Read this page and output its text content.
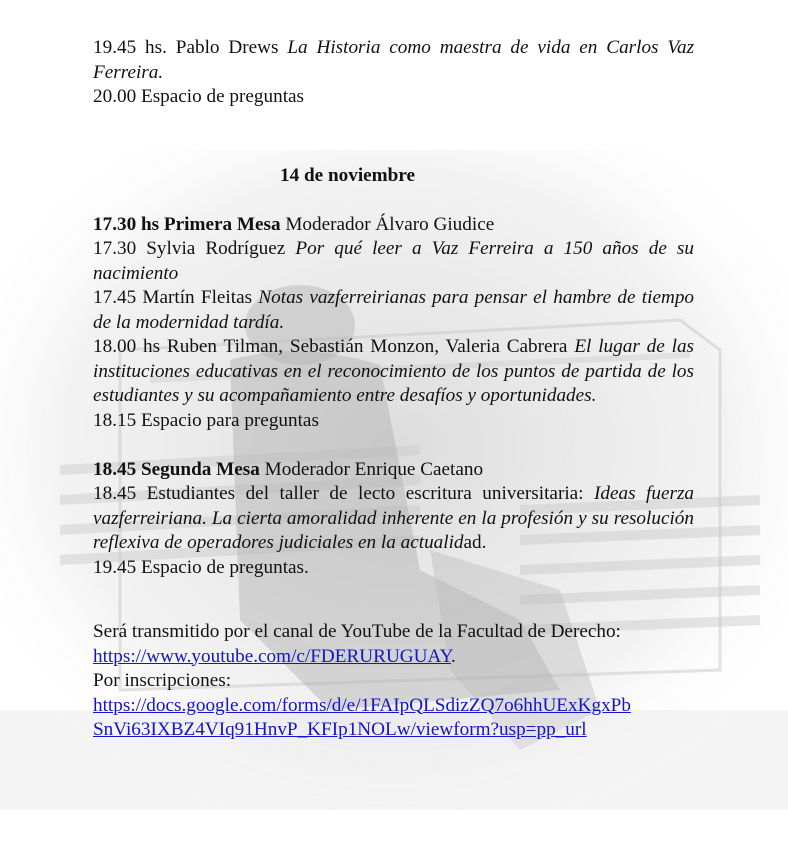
19.45 hs. Pablo Drews La Historia como maestra de vida en Carlos Vaz Ferreira.

20.00 Espacio de preguntas

14 de noviembre

17.30 hs Primera Mesa Moderador Álvaro Giudice

17.30 Sylvia Rodríguez Por qué leer a Vaz Ferreira a 150 años de su nacimiento

17.45 Martín Fleitas Notas vazferreirianas para pensar el hambre de tiempo de la modernidad tardía.

18.00 hs Ruben Tilman, Sebastián Monzon, Valeria Cabrera El lugar de las instituciones educativas en el reconocimiento de los puntos de partida de los estudiantes y su acompañamiento entre desafíos y oportunidades.

18.15 Espacio para preguntas

18.45 Segunda Mesa Moderador Enrique Caetano

18.45 Estudiantes del taller de lecto escritura universitaria: Ideas fuerza vazferreiriana. La cierta amoralidad inherente en la profesión y su resolución reflexiva de operadores judiciales en la actualidad.

19.45 Espacio de preguntas.

Será transmitido por el canal de YouTube de la Facultad de Derecho:

https://www.youtube.com/c/FDERURUGUAY.

Por inscripciones:

https://docs.google.com/forms/d/e/1FAIpQLSdizZQ7o6hhUExKgxPb

SnVi63IXBZ4VIq91HnvP_KFIp1NOLw/viewform?usp=pp_url
